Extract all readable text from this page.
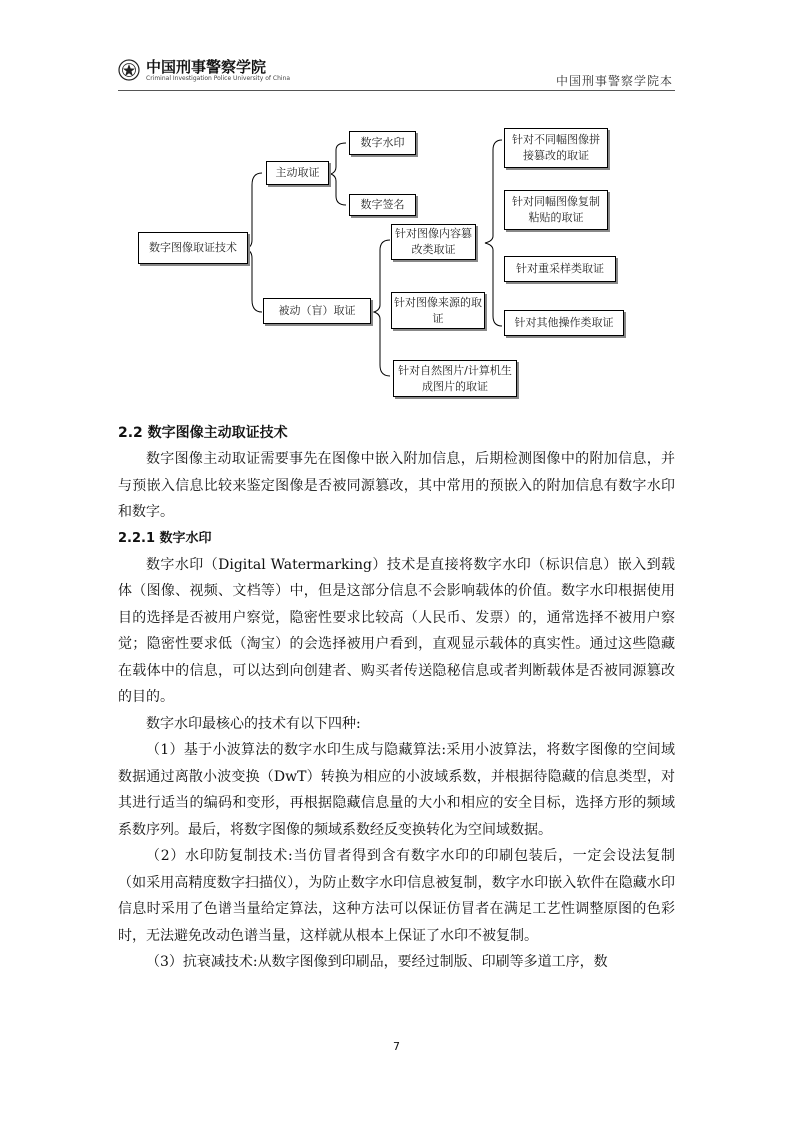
中国刑事警察学院
Criminal Investigation Police University of China	中国刑事警察学院本
数字图像取证技术
主动取证
被动（盲）取证
数字水印
数字签名
针对图像内容篡改类取证
针对图像来源的取证
针对自然图片/计算机生成图片的取证
针对不同幅图像拼接篡改的取证
针对同幅图像复制粘贴的取证
针对重采样类取证
针对其他操作类取证
2.2 数字图像主动取证技术

数字图像主动取证需要事先在图像中嵌入附加信息，后期检测图像中的附加信息，并与预嵌入信息比较来鉴定图像是否被同源篡改，其中常用的预嵌入的附加信息有数字水印和数字。

2.2.1 数字水印

数字水印（Digital Watermarking）技术是直接将数字水印（标识信息）嵌入到载体（图像、视频、文档等）中，但是这部分信息不会影响载体的价值。数字水印根据使用目的选择是否被用户察觉，隐密性要求比较高（人民币、发票）的，通常选择不被用户察觉；隐密性要求低（淘宝）的会选择被用户看到，直观显示载体的真实性。通过这些隐藏在载体中的信息，可以达到向创建者、购买者传送隐秘信息或者判断载体是否被同源篡改的目的。

数字水印最核心的技术有以下四种:

（1）基于小波算法的数字水印生成与隐藏算法:采用小波算法，将数字图像的空间域数据通过离散小波变换（DwT）转换为相应的小波域系数，并根据待隐藏的信息类型，对其进行适当的编码和变形，再根据隐藏信息量的大小和相应的安全目标，选择方形的频域系数序列。最后，将数字图像的频域系数经反变换转化为空间域数据。

（2）水印防复制技术:当仿冒者得到含有数字水印的印刷包装后，一定会设法复制（如采用高精度数字扫描仪），为防止数字水印信息被复制，数字水印嵌入软件在隐藏水印信息时采用了色谱当量给定算法，这种方法可以保证仿冒者在满足工艺性调整原图的色彩时，无法避免改动色谱当量，这样就从根本上保证了水印不被复制。

（3）抗衰减技术:从数字图像到印刷品，要经过制版、印刷等多道工序，数

7
